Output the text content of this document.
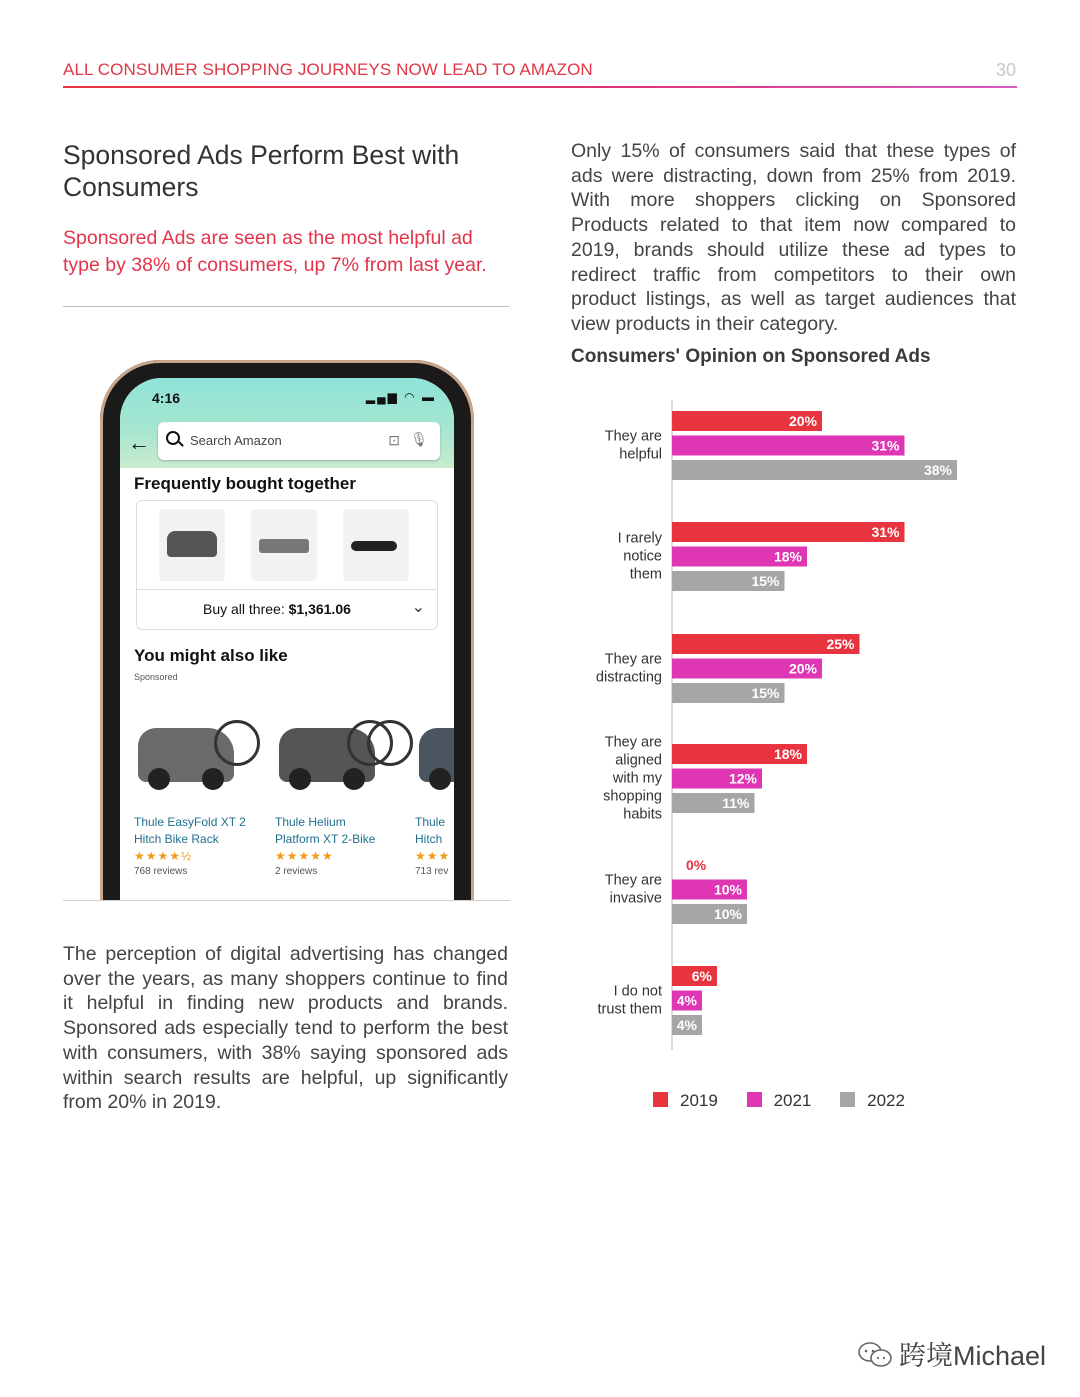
ALL CONSUMER SHOPPING JOURNEYS NOW LEAD TO AMAZON	30
Sponsored Ads Perform Best with Consumers
Sponsored Ads are seen as the most helpful ad type by 38% of consumers, up 7% from last year.
4:16	▂▄▆ ◠ ▬
←	Search Amazon	⊡ 🎙
Frequently bought together
Buy all three: $1,361.06	⌄
You might also like
Sponsored
Thule EasyFold XT 2
Hitch Bike Rack
★★★★½
768 reviews
Thule Helium
Platform XT 2-Bike
★★★★★
2 reviews
Thule
Hitch
★★★
713 rev
The perception of digital advertising has changed over the years, as many shoppers continue to find it helpful in finding new products and brands. Sponsored ads especially tend to perform the best with consumers, with 38% saying sponsored ads within search results are helpful, up significantly from 20% in 2019.
Only 15% of consumers said that these types of ads were distracting, down from 25% from 2019. With more shoppers clicking on Sponsored Products related to that item now compared to 2019, brands should utilize these ad types to redirect traffic from competitors to their own product listings, as well as target audiences that view products in their category.
Consumers' Opinion on Sponsored Ads
They are helpful
20%
31%
38%
I rarely notice them
31%
18%
15%
They are distracting
25%
20%
15%
They are aligned with my shopping habits
18%
12%
11%
They are invasive
0%
10%
10%
I do not trust them
6%
4%
4%
2019	2021	2022
跨境Michael
